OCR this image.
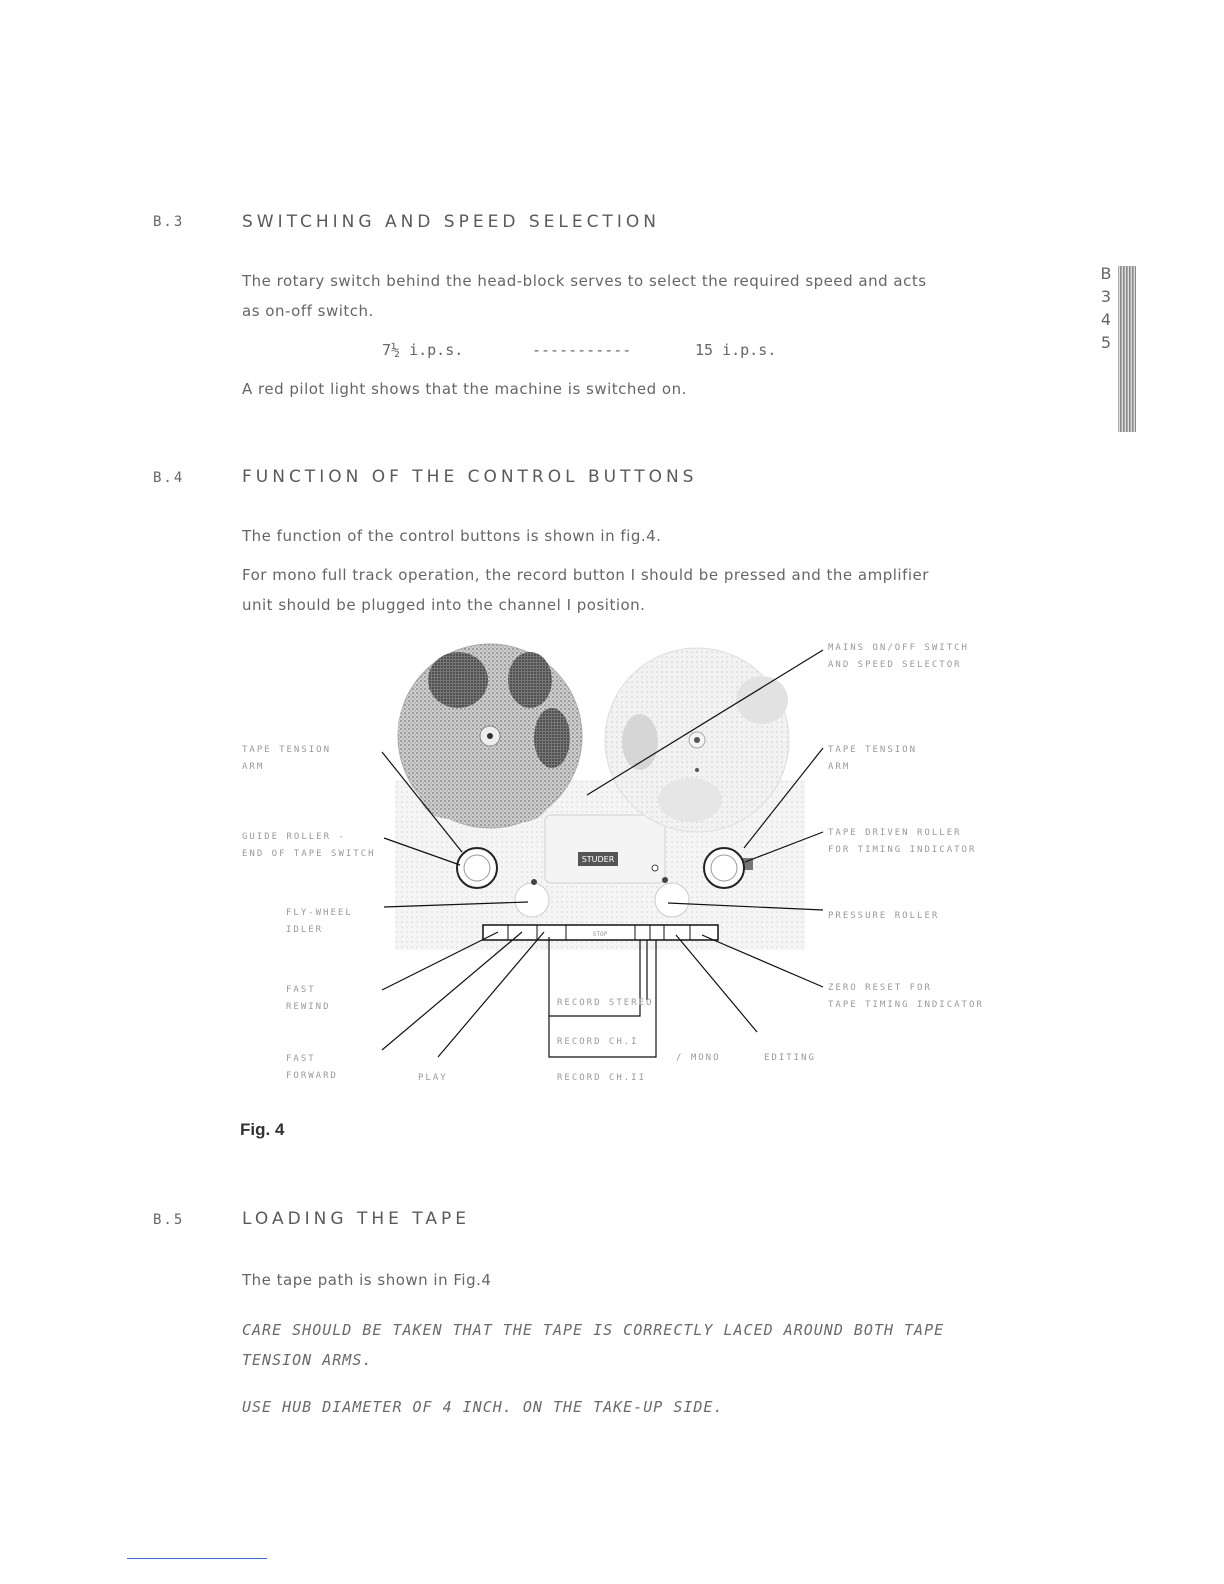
B
3
4
5
B.3	SWITCHING AND SPEED SELECTION
The rotary switch behind the head-block serves to select the required speed and acts
as on-off switch.
7½ i.p.s.	-----------	15 i.p.s.
A red pilot light shows that the machine is switched on.
B.4	FUNCTION OF THE CONTROL BUTTONS
The function of the control buttons is shown in fig.4.
For mono full track operation, the record button I should be pressed and the amplifier
unit should be plugged into the channel I position.
STUDER
STOP
TAPE TENSION
ARM
GUIDE ROLLER -
END OF TAPE SWITCH
FLY-WHEEL
IDLER
FAST
REWIND
FAST
FORWARD	PLAY
RECORD STEREO
RECORD CH.I
/ MONO
RECORD CH.II
EDITING
MAINS ON/OFF SWITCH
AND SPEED SELECTOR
TAPE TENSION
ARM
TAPE DRIVEN ROLLER
FOR TIMING INDICATOR
PRESSURE ROLLER
ZERO RESET FOR
TAPE TIMING INDICATOR
Fig. 4
B.5	LOADING THE TAPE
The tape path is shown in Fig.4
CARE SHOULD BE TAKEN THAT THE TAPE IS CORRECTLY LACED AROUND BOTH TAPE
TENSION ARMS.
USE HUB DIAMETER OF 4 INCH. ON THE TAKE-UP SIDE.
